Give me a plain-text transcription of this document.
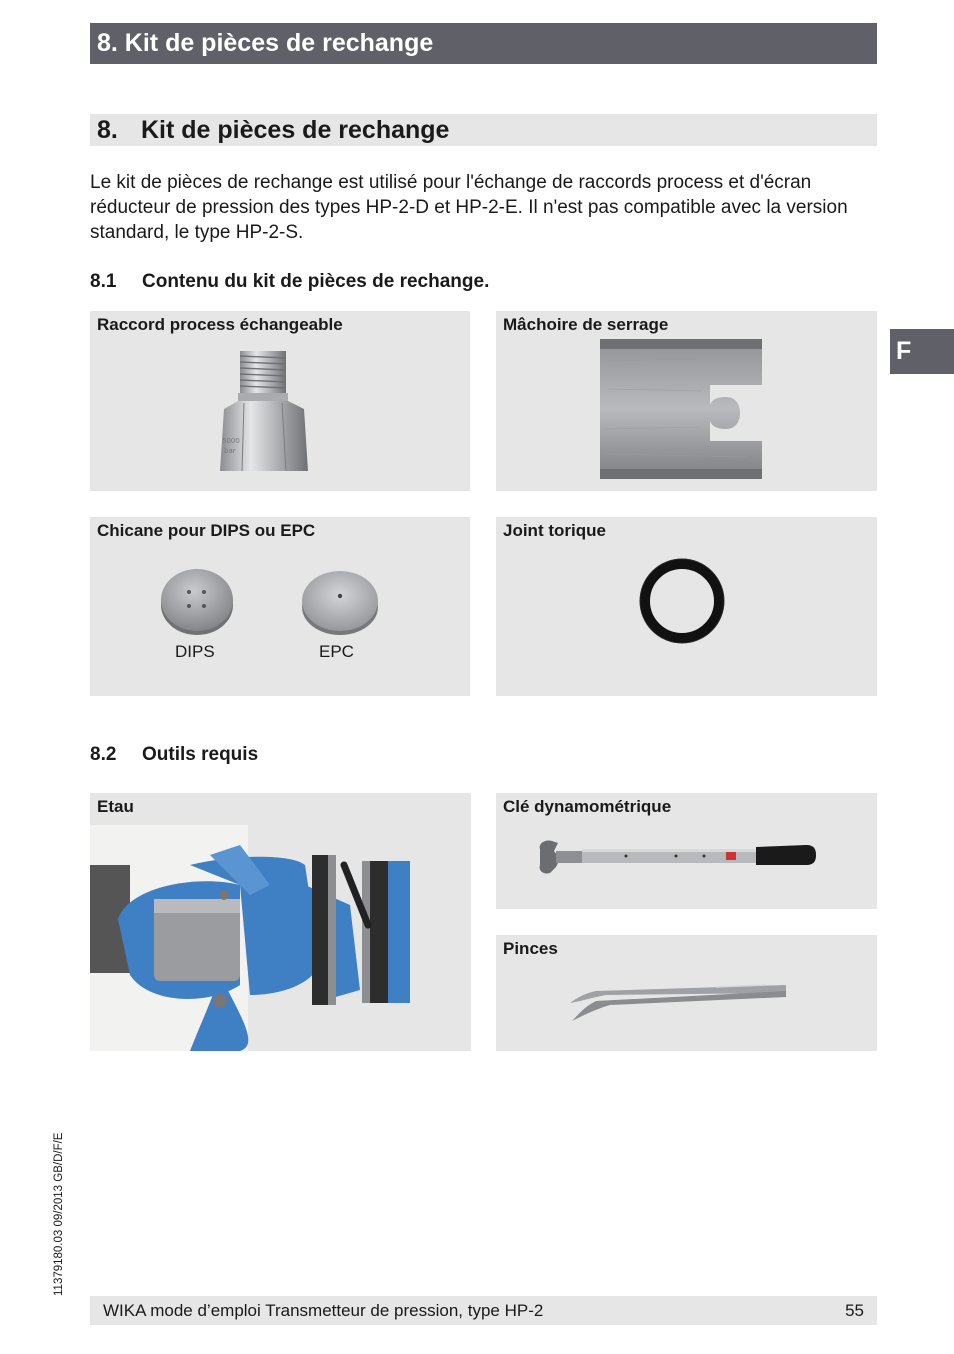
8. Kit de pièces de rechange
8. Kit de pièces de rechange

Le kit de pièces de rechange est utilisé pour l'échange de raccords process et d'écran réducteur de pression des types HP-2-D et HP-2-E. Il n'est pas compatible avec la version standard, le type HP-2-S.

F
8.1 Contenu du kit de pièces de rechange.
Raccord process échangeable
5000
bar
Mâchoire de serrage
Chicane pour DIPS ou EPC
DIPS	EPC
Joint torique
8.2 Outils requis
Etau	Clé dynamométrique
Pinces
11379180.03 09/2013 GB/D/F/E
WIKA mode d’emploi Transmetteur de pression, type HP-2	55
